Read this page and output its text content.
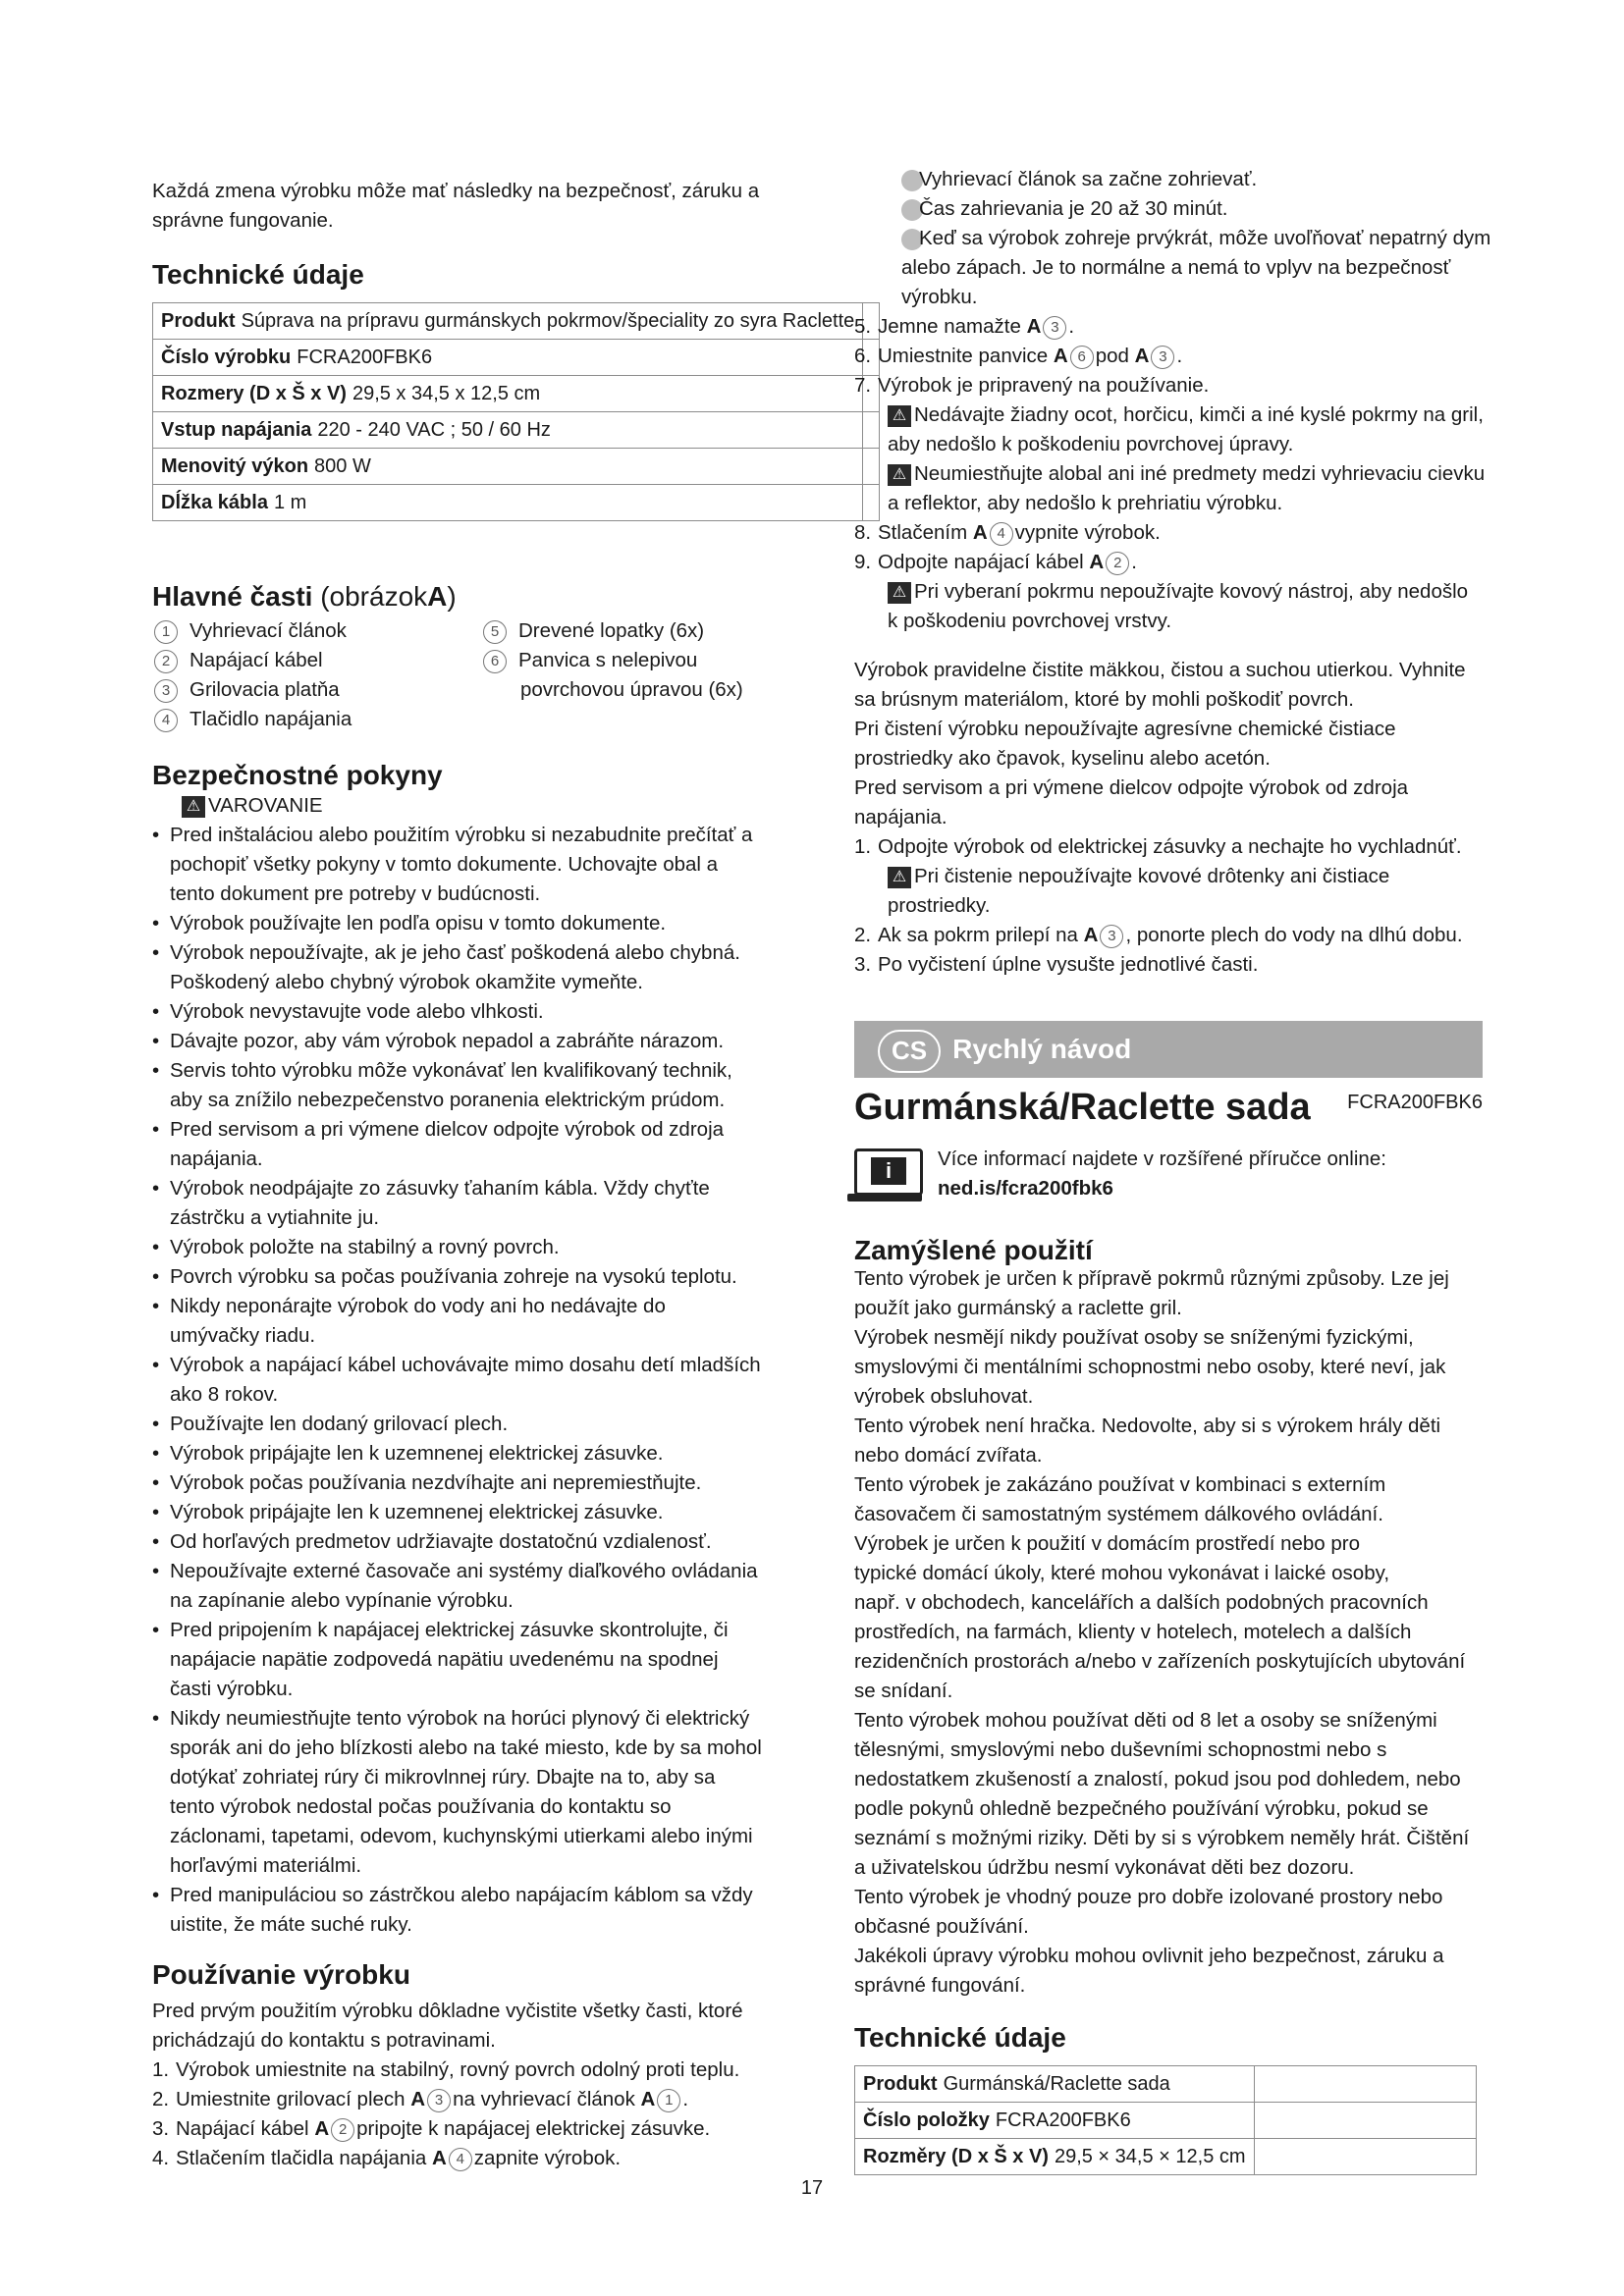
Každá zmena výrobku môže mať následky na bezpečnosť, záruku a správne fungovanie.

Technické údaje
Produkt Súprava na prípravu gurmánskych pokrmov/špeciality zo syra Raclette	
Číslo výrobku FCRA200FBK6	
Rozmery (D x Š x V) 29,5 x 34,5 x 12,5 cm	
Vstup napájania 220 - 240 VAC ; 50 / 60 Hz	
Menovitý výkon 800 W	
Dĺžka kábla 1 m	
Hlavné časti (obrázokA)
1 Vyhrievací článok
2 Napájací kábel
3 Grilovacia platňa
4 Tlačidlo napájania
5 Drevené lopatky (6x)
6 Panvica s nelepivou
povrchovou úpravou (6x)
Bezpečnostné pokyny
⚠ VAROVANIE
• Pred inštaláciou alebo použitím výrobku si nezabudnite prečítať a
pochopiť všetky pokyny v tomto dokumente. Uchovajte obal a
tento dokument pre potreby v budúcnosti.
• Výrobok používajte len podľa opisu v tomto dokumente.
• Výrobok nepoužívajte, ak je jeho časť poškodená alebo chybná.
Poškodený alebo chybný výrobok okamžite vymeňte.
• Výrobok nevystavujte vode alebo vlhkosti.
• Dávajte pozor, aby vám výrobok nepadol a zabráňte nárazom.
• Servis tohto výrobku môže vykonávať len kvalifikovaný technik,
aby sa znížilo nebezpečenstvo poranenia elektrickým prúdom.
• Pred servisom a pri výmene dielcov odpojte výrobok od zdroja
napájania.
• Výrobok neodpájajte zo zásuvky ťahaním kábla. Vždy chyťte
zástrčku a vytiahnite ju.
• Výrobok položte na stabilný a rovný povrch.
• Povrch výrobku sa počas používania zohreje na vysokú teplotu.
• Nikdy neponárajte výrobok do vody ani ho nedávajte do
umývačky riadu.
• Výrobok a napájací kábel uchovávajte mimo dosahu detí mladších
ako 8 rokov.
• Používajte len dodaný grilovací plech.
• Výrobok pripájajte len k uzemnenej elektrickej zásuvke.
• Výrobok počas používania nezdvíhajte ani nepremiestňujte.
• Výrobok pripájajte len k uzemnenej elektrickej zásuvke.
• Od horľavých predmetov udržiavajte dostatočnú vzdialenosť.
• Nepoužívajte externé časovače ani systémy diaľkového ovládania
na zapínanie alebo vypínanie výrobku.
• Pred pripojením k napájacej elektrickej zásuvke skontrolujte, či
napájacie napätie zodpovedá napätiu uvedenému na spodnej
časti výrobku.
• Nikdy neumiestňujte tento výrobok na horúci plynový či elektrický
sporák ani do jeho blízkosti alebo na také miesto, kde by sa mohol
dotýkať zohriatej rúry či mikrovlnnej rúry. Dbajte na to, aby sa
tento výrobok nedostal počas používania do kontaktu so
záclonami, tapetami, odevom, kuchynskými utierkami alebo inými
horľavými materiálmi.
• Pred manipuláciou so zástrčkou alebo napájacím káblom sa vždy
uistite, že máte suché ruky.
Používanie výrobku
Pred prvým použitím výrobku dôkladne vyčistite všetky časti, ktoré
prichádzajú do kontaktu s potravinami.
1. Výrobok umiestnite na stabilný, rovný povrch odolný proti teplu.
2. Umiestnite grilovací plech A 3 na vyhrievací článok A 1 .
3. Napájací kábel A 2 pripojte k napájacej elektrickej zásuvke.
4. Stlačením tlačidla napájania A 4 zapnite výrobok.
Vyhrievací článok sa začne zohrievať.
Čas zahrievania je 20 až 30 minút.
Keď sa výrobok zohreje prvýkrát, môže uvoľňovať nepatrný dym
alebo zápach. Je to normálne a nemá to vplyv na bezpečnosť
výrobku.
5. Jemne namažte A 3 .
6. Umiestnite panvice A 6 pod A 3 .
7. Výrobok je pripravený na používanie.
⚠ Nedávajte žiadny ocot, horčicu, kimči a iné kyslé pokrmy na gril,
aby nedošlo k poškodeniu povrchovej úpravy.
⚠ Neumiestňujte alobal ani iné predmety medzi vyhrievaciu cievku
a reflektor, aby nedošlo k prehriatiu výrobku.
8. Stlačením A 4 vypnite výrobok.
9. Odpojte napájací kábel A 2 .
⚠ Pri vyberaní pokrmu nepoužívajte kovový nástroj, aby nedošlo
k poškodeniu povrchovej vrstvy.
Výrobok pravidelne čistite mäkkou, čistou a suchou utierkou. Vyhnite
sa brúsnym materiálom, ktoré by mohli poškodiť povrch.
Pri čistení výrobku nepoužívajte agresívne chemické čistiace
prostriedky ako čpavok, kyselinu alebo acetón.
Pred servisom a pri výmene dielcov odpojte výrobok od zdroja
napájania.
1. Odpojte výrobok od elektrickej zásuvky a nechajte ho vychladnúť.
⚠ Pri čistenie nepoužívajte kovové drôtenky ani čistiace
prostriedky.
2. Ak sa pokrm prilepí na A 3 , ponorte plech do vody na dlhú dobu.
3. Po vyčistení úplne vysušte jednotlivé časti.
CS Rychlý návod
Gurmánská/Raclette sada FCRA200FBK6
i	Více informací najdete v rozšířené příručce online:
ned.is/fcra200fbk6
Zamýšlené použití
Tento výrobek je určen k přípravě pokrmů různými způsoby. Lze jej
použít jako gurmánský a raclette gril.
Výrobek nesmějí nikdy používat osoby se sníženými fyzickými,
smyslovými či mentálními schopnostmi nebo osoby, které neví, jak
výrobek obsluhovat.
Tento výrobek není hračka. Nedovolte, aby si s výrokem hrály děti
nebo domácí zvířata.
Tento výrobek je zakázáno používat v kombinaci s externím
časovačem či samostatným systémem dálkového ovládání.
Výrobek je určen k použití v domácím prostředí nebo pro
typické domácí úkoly, které mohou vykonávat i laické osoby,
např. v obchodech, kancelářích a dalších podobných pracovních
prostředích, na farmách, klienty v hotelech, motelech a dalších
rezidenčních prostorách a/nebo v zařízeních poskytujících ubytování
se snídaní.
Tento výrobek mohou používat děti od 8 let a osoby se sníženými
tělesnými, smyslovými nebo duševními schopnostmi nebo s
nedostatkem zkušeností a znalostí, pokud jsou pod dohledem, nebo
podle pokynů ohledně bezpečného používání výrobku, pokud se
seznámí s možnými riziky. Děti by si s výrobkem neměly hrát. Čištění
a uživatelskou údržbu nesmí vykonávat děti bez dozoru.
Tento výrobek je vhodný pouze pro dobře izolované prostory nebo
občasné používání.
Jakékoli úpravy výrobku mohou ovlivnit jeho bezpečnost, záruku a
správné fungování.
Technické údaje
Produkt Gurmánská/Raclette sada	
Číslo položky FCRA200FBK6	
Rozměry (D x Š x V) 29,5 × 34,5 × 12,5 cm	
17
